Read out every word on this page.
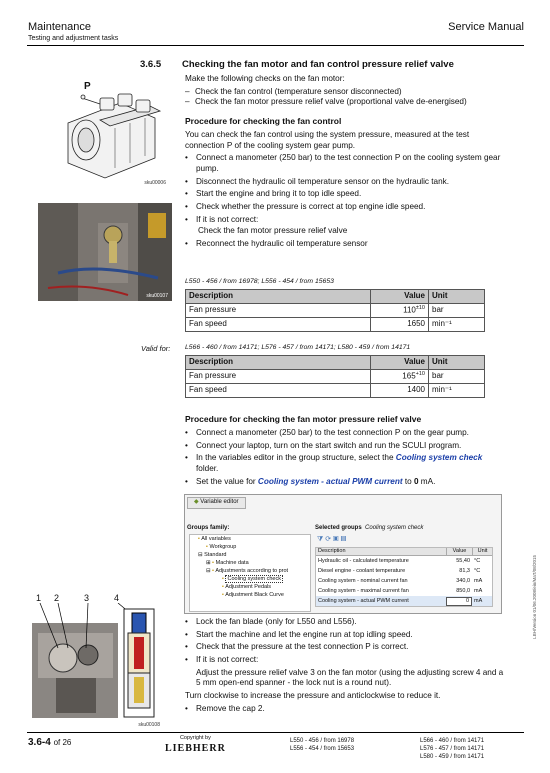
Maintenance
Testing and adjustment tasks
Service Manual
3.6.5 Checking the fan motor and fan control pressure relief valve
P
sku00006
sku00107
Make the following checks on the fan motor:
– Check the fan control (temperature sensor disconnected)
– Check the fan motor pressure relief valve (proportional valve de-energised)
Procedure for checking the fan control
You can check the fan control using the system pressure, measured at the test connection P of the cooling system gear pump.
• Connect a manometer (250 bar) to the test connection P on the cooling system gear pump.
• Disconnect the hydraulic oil temperature sensor on the hydraulic tank.
• Start the engine and bring it to top idle speed.
• Check whether the pressure is correct at top engine idle speed.
• If it is not correct:
Check the fan motor pressure relief valve
• Reconnect the hydraulic oil temperature sensor
L550 - 456 / from 16978; L556 - 454 / from 15653
Description	Value	Unit
Fan pressure	$110^{\pm 10}$	bar
Fan speed	1650	min⁻¹
Valid for: L566 - 460 / from 14171; L576 - 457 / from 14171; L580 - 459 / from 14171
Description	Value	Unit
Fan pressure	$165^{+10}$	bar
Fan speed	1400	min⁻¹
Procedure for checking the fan motor pressure relief valve
• Connect a manometer (250 bar) to the test connection P on the gear pump.
• Connect your laptop, turn on the start switch and run the SCULI program.
• In the variables editor in the group structure, select the Cooling system check folder.
• Set the value for Cooling system - actual PWM current to 0 mA.
◆ Variable editor
Groups family:	Selected groups Cooling system check
▪ All variables
▪ Workgroup
⊟ Standard
⊞ ▪ Machine data
⊟ ▪ Adjustments according to prot
▪ Cooling system check
▪ Adjustment Pedals
▪ Adjustment Black Curve
⧩ ⟳ ▣ ▤
Description	Value	Unit
Hydraulic oil - calculated temperature	55,40 °C
Diesel engine - coolant temperature	81,3 °C
Cooling system - nominal current fan	340,0 mA
Cooling system - maximal current fan	850,0 mA
Cooling system - actual PWM current	0 mA
1 2	3	4
sku00108
• Lock the fan blade (only for L550 and L556).
• Start the machine and let the engine run at top idling speed.
• Check that the pressure at the test connection P is correct.
• If it is not correct:
Adjust the pressure relief valve 3 on the fan motor (using the adjusting screw 4 and a 5 mm open-end spanner - the lock nut is a round nut).
Turn clockwise to increase the pressure and anticlockwise to reduce it.
• Remove the cap 2.
LBH/Version 01/06.2008/ein/MaT/08/2015
3.6-4 of 26	Copyright by
LIEBHERR
L550 - 456 / from 16978
L556 - 454 / from 15653
L566 - 460 / from 14171
L576 - 457 / from 14171
L580 - 459 / from 14171
